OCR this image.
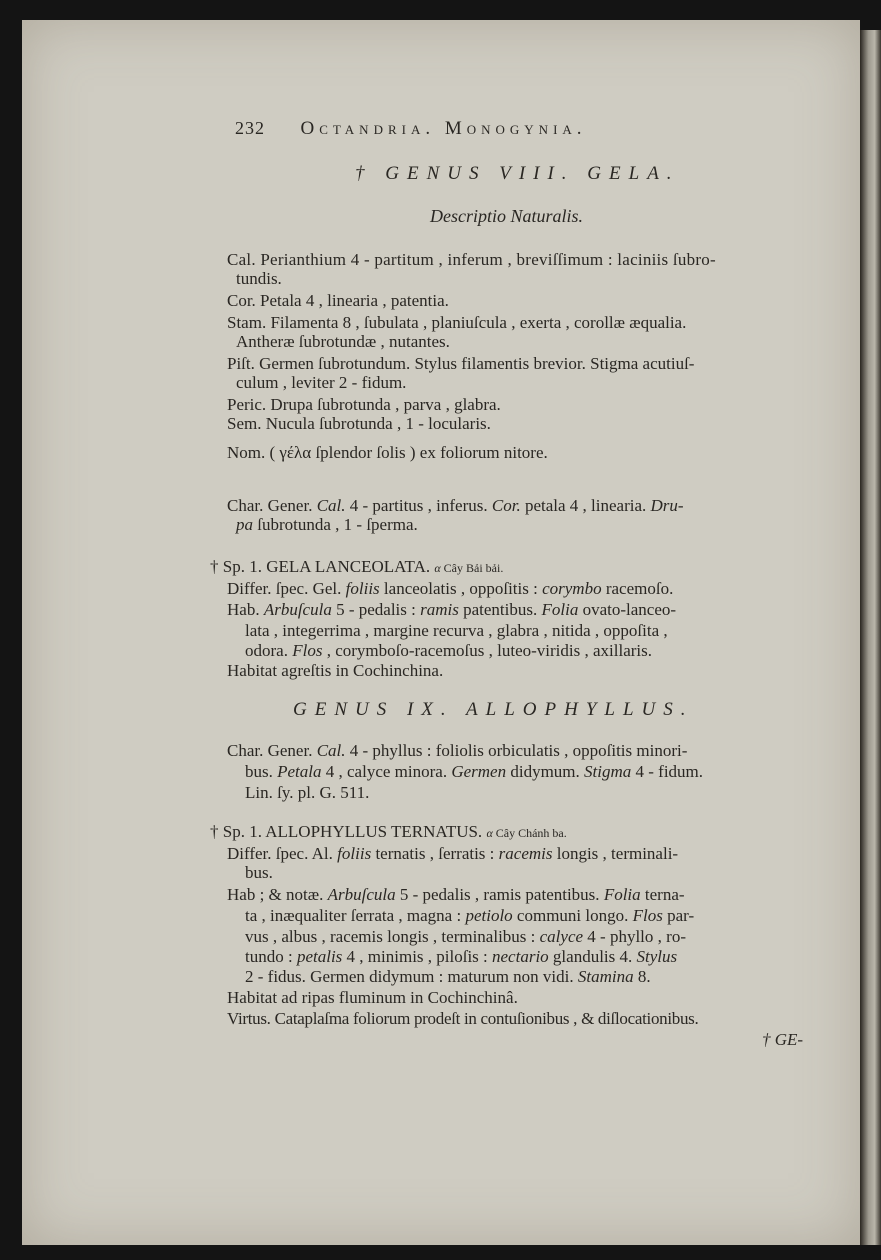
232 Octandria. Monogynia.
† GENUS VIII. GELA.
Descriptio Naturalis.
Cal. Perianthium 4 - partitum , inferum , breviſſimum : laciniis ſubro-
tundis.
Cor. Petala 4 , linearia , patentia.
Stam. Filamenta 8 , ſubulata , planiuſcula , exerta , corollæ æqualia.
Antheræ ſubrotundæ , nutantes.
Piſt. Germen ſubrotundum. Stylus filamentis brevior. Stigma acutiuſ-
culum , leviter 2 - fidum.
Peric. Drupa ſubrotunda , parva , glabra.
Sem. Nucula ſubrotunda , 1 - locularis.
Nom. ( γέλα ſplendor ſolis ) ex foliorum nitore.
Char. Gener. Cal. 4 - partitus , inferus. Cor. petala 4 , linearia. Dru-
pa ſubrotunda , 1 - ſperma.
† Sp. 1. GELA LANCEOLATA. α Cây Bải bải.
Differ. ſpec. Gel. foliis lanceolatis , oppoſitis : corymbo racemoſo.
Hab. Arbuſcula 5 - pedalis : ramis patentibus. Folia ovato-lanceo-
lata , integerrima , margine recurva , glabra , nitida , oppoſita ,
odora. Flos , corymboſo-racemoſus , luteo-viridis , axillaris.
Habitat agreſtis in Cochinchina.
GENUS IX. ALLOPHYLLUS.
Char. Gener. Cal. 4 - phyllus : foliolis orbiculatis , oppoſitis minori-
bus. Petala 4 , calyce minora. Germen didymum. Stigma 4 - fidum.
Lin. ſy. pl. G. 511.
† Sp. 1. ALLOPHYLLUS TERNATUS. α Cây Chánh ba.
Differ. ſpec. Al. foliis ternatis , ſerratis : racemis longis , terminali-
bus.
Hab ; & notæ. Arbuſcula 5 - pedalis , ramis patentibus. Folia terna-
ta , inæqualiter ſerrata , magna : petiolo communi longo. Flos par-
vus , albus , racemis longis , terminalibus : calyce 4 - phyllo , ro-
tundo : petalis 4 , minimis , piloſis : nectario glandulis 4. Stylus
2 - fidus. Germen didymum : maturum non vidi. Stamina 8.
Habitat ad ripas fluminum in Cochinchinâ.
Virtus. Cataplaſma foliorum prodeſt in contuſionibus , & diſlocationibus.
† GE-
